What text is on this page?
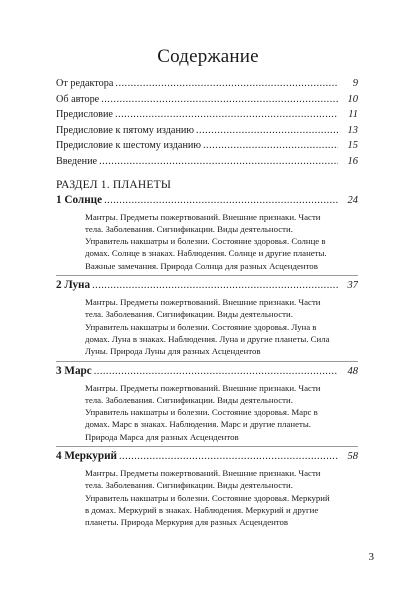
Содержание
От редактора .....	9
Об авторе .....	10
Предисловие .....	11
Предисловие к пятому изданию .....	13
Предисловие к шестому изданию .....	15
Введение .....	16
РАЗДЕЛ 1. ПЛАНЕТЫ
1 Солнце .....	24
Мантры. Предметы пожертвований. Внешние признаки. Части тела. Заболевания. Сигнификации. Виды деятельности. Управитель накшатры и болезни. Состояние здоровья. Солнце в домах. Солнце в знаках. Наблюдения. Солнце и другие планеты. Важные замечания. Природа Солнца для разных Асцендентов
2 Луна .....	37
Мантры. Предметы пожертвований. Внешние признаки. Части тела. Заболевания. Сигнификации. Виды деятельности. Управитель накшатры и болезни. Состояние здоровья. Луна в домах. Луна в знаках. Наблюдения. Луна и другие планеты. Сила Луны. Природа Луны для разных Асцендентов
3 Марс .....	48
Мантры. Предметы пожертвований. Внешние признаки. Части тела. Заболевания. Сигнификации. Виды деятельности. Управитель накшатры и болезни. Состояние здоровья. Марс в домах. Марс в знаках. Наблюдения. Марс и другие планеты. Природа Марса для разных Асцендентов
4 Меркурий .....	58
Мантры. Предметы пожертвований. Внешние признаки. Части тела. Заболевания. Сигнификации. Виды деятельности. Управитель накшатры и болезни. Состояние здоровья. Меркурий в домах. Меркурий в знаках. Наблюдения. Меркурий и другие планеты. Природа Меркурия для разных Асцендентов
3
